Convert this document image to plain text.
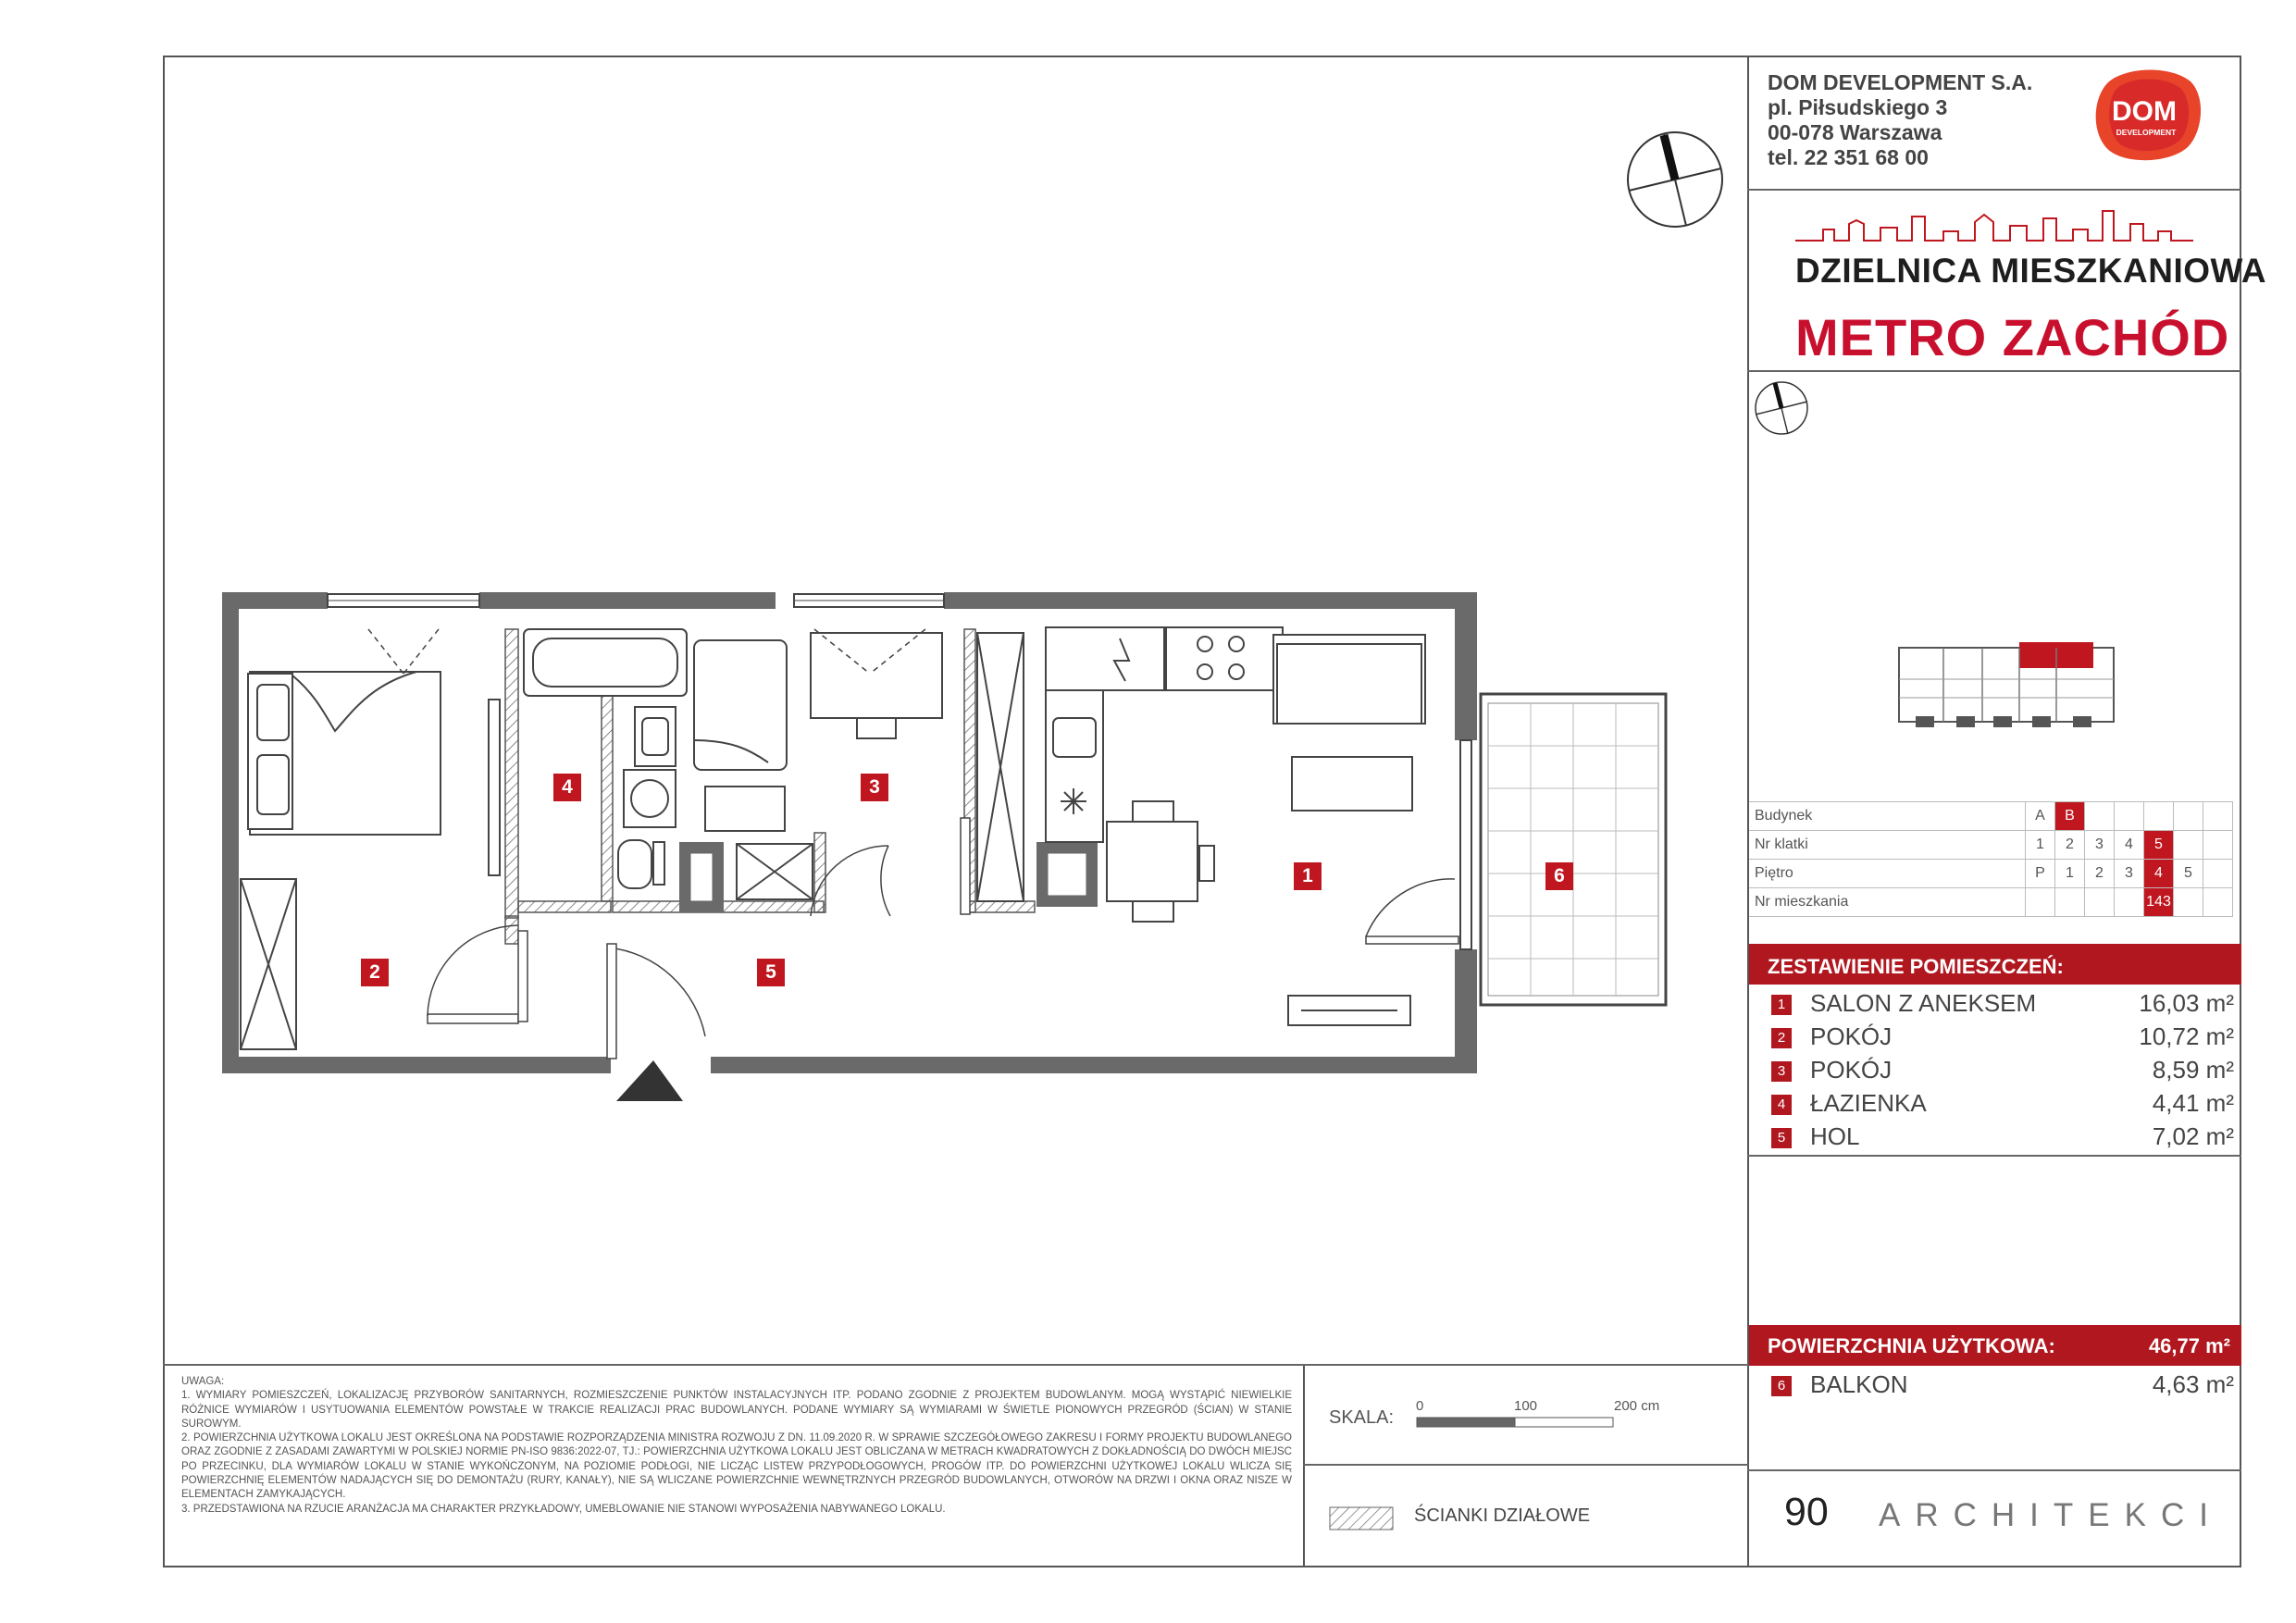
DOM DEVELOPMENT S.A.
pl. Piłsudskiego 3
00-078 Warszawa
tel. 22 351 68 00
DOM
DEVELOPMENT
DZIELNICA MIESZKANIOWA
METRO ZACHÓD
Budynek	A	B					
Nr klatki	1	2	3	4	5		
Piętro	P	1	2	3	4	5	
Nr mieszkania					143		
ZESTAWIENIE POMIESZCZEŃ:
1 SALON Z ANEKSEM	16,03 m²
2 POKÓJ	10,72 m²
3 POKÓJ	8,59 m²
4 ŁAZIENKA	4,41 m²
5 HOL	7,02 m²
POWIERZCHNIA UŻYTKOWA:	46,77 m²
6 BALKON	4,63 m²
1
2
3
4
5
6

UWAGA:

1. WYMIARY POMIESZCZEŃ, LOKALIZACJĘ PRZYBORÓW SANITARNYCH, ROZMIESZCZENIE PUNKTÓW INSTALACYJNYCH ITP. PODANO ZGODNIE Z PROJEKTEM BUDOWLANYM. MOGĄ WYSTĄPIĆ NIEWIELKIE RÓŻNICE WYMIARÓW I USYTUOWANIA ELEMENTÓW POWSTAŁE W TRAKCIE REALIZACJI PRAC BUDOWLANYCH. PODANE WYMIARY SĄ WYMIARAMI W ŚWIETLE PIONOWYCH PRZEGRÓD (ŚCIAN) W STANIE SUROWYM.

2. POWIERZCHNIA UŻYTKOWA LOKALU JEST OKREŚLONA NA PODSTAWIE ROZPORZĄDZENIA MINISTRA ROZWOJU Z DN. 11.09.2020 R. W SPRAWIE SZCZEGÓŁOWEGO ZAKRESU I FORMY PROJEKTU BUDOWLANEGO ORAZ ZGODNIE Z ZASADAMI ZAWARTYMI W POLSKIEJ NORMIE PN-ISO 9836:2022-07, TJ.: POWIERZCHNIA UŻYTKOWA LOKALU JEST OBLICZANA W METRACH KWADRATOWYCH Z DOKŁADNOŚCIĄ DO DWÓCH MIEJSC PO PRZECINKU, DLA WYMIARÓW LOKALU W STANIE WYKOŃCZONYM, NA POZIOMIE PODŁOGI, NIE LICZĄC LISTEW PRZYPODŁOGOWYCH, PROGÓW ITP. DO POWIERZCHNI UŻYTKOWEJ LOKALU WLICZA SIĘ POWIERZCHNIĘ ELEMENTÓW NADAJĄCYCH SIĘ DO DEMONTAŻU (RURY, KANAŁY), NIE SĄ WLICZANE POWIERZCHNIE WEWNĘTRZNYCH PRZEGRÓD BUDOWLANYCH, OTWORÓW NA DRZWI I OKNA ORAZ NISZE W ELEMENTACH ZAMYKAJĄCYCH.

3. PRZEDSTAWIONA NA RZUCIE ARANŻACJA MA CHARAKTER PRZYKŁADOWY, UMEBLOWANIE NIE STANOWI WYPOSAŻENIA NABYWANEGO LOKALU.

SKALA:
0	100	200 cm
ŚCIANKI DZIAŁOWE	90 ARCHITEKCI
